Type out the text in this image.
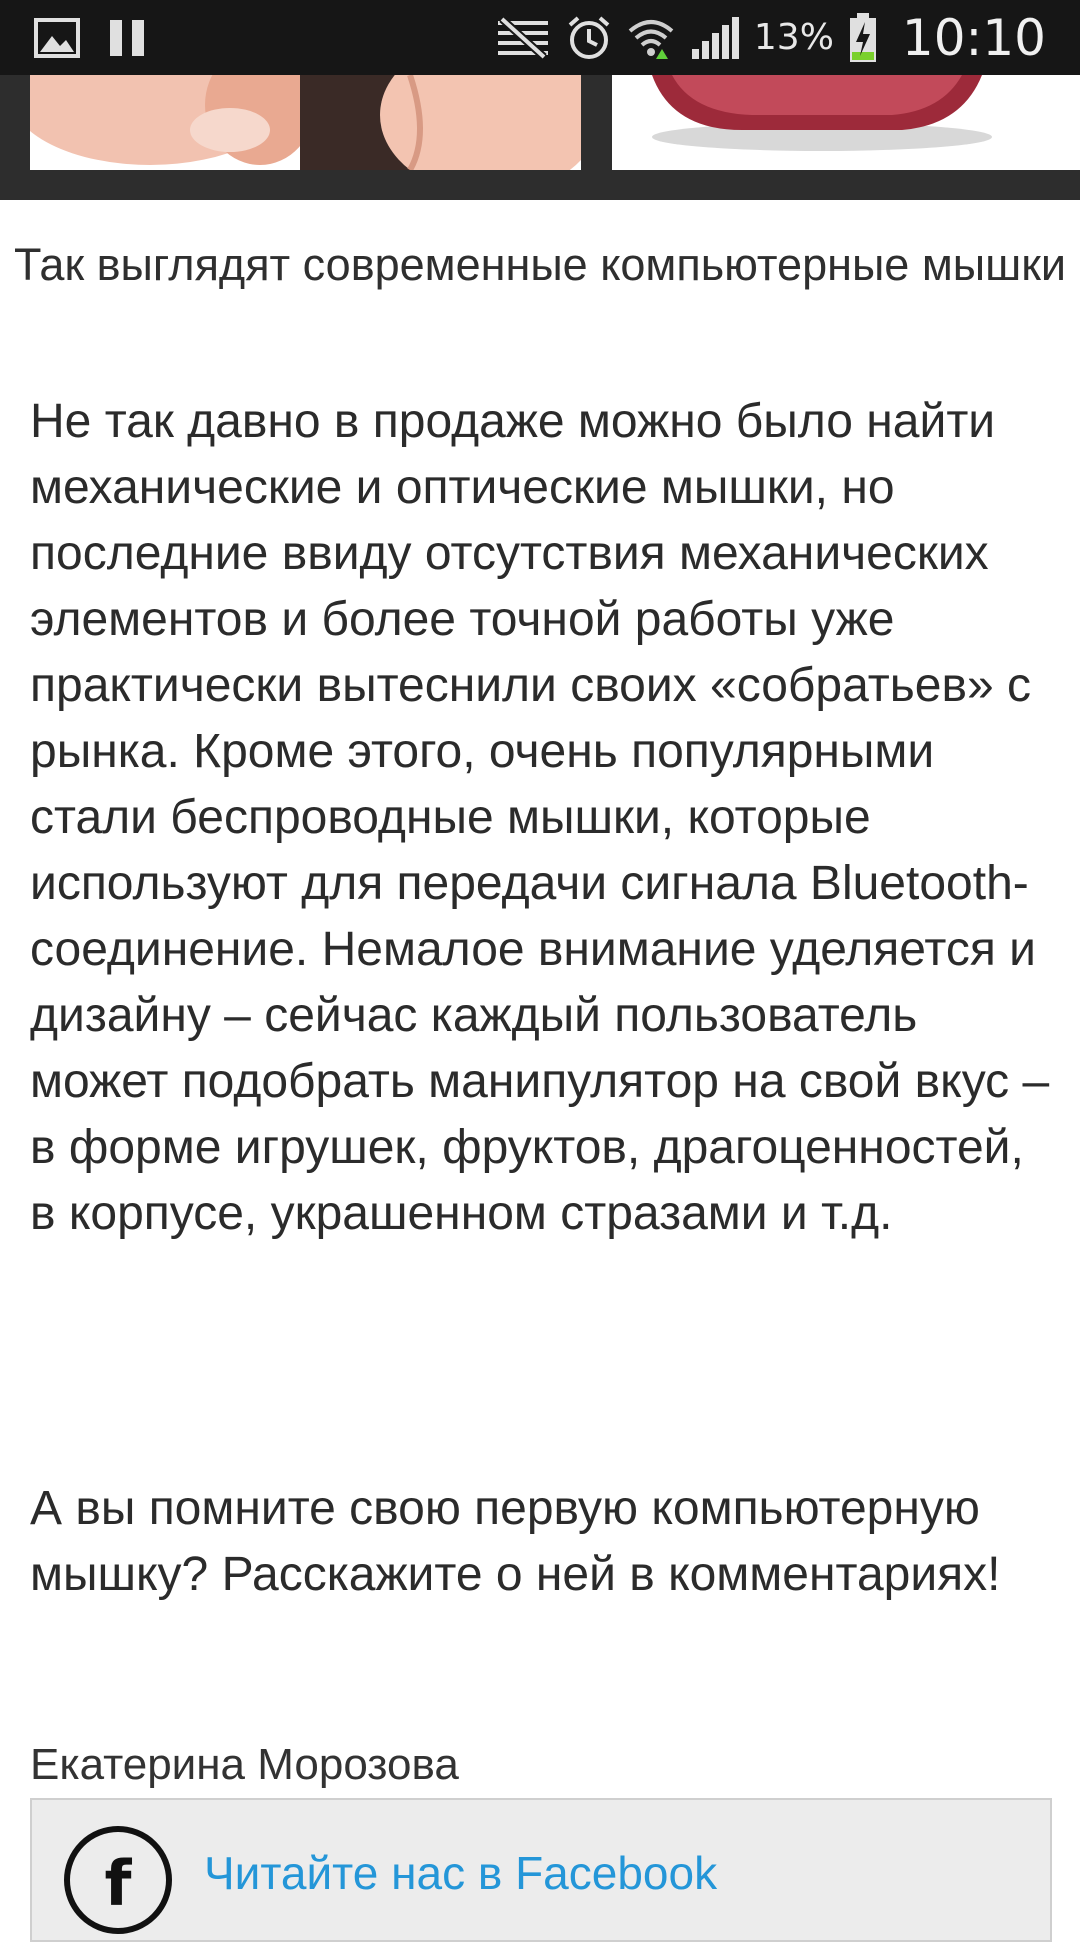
13% 10:10
Так выглядят современные компьютерные мышки

Не так давно в продаже можно было найти механические и оптические мышки, но последние ввиду отсутствия механических элементов и более точной работы уже практически вытеснили своих «собратьев» с рынка. Кроме этого, очень популярными стали беспроводные мышки, которые используют для передачи сигнала Bluetooth-соединение. Немалое внимание уделяется и дизайну – сейчас каждый пользователь может подобрать манипулятор на свой вкус – в форме игрушек, фруктов, драгоценностей, в корпусе, украшенном стразами и т.д.

А вы помните свою первую компьютерную мышку? Расскажите о ней в комментариях!

Екатерина Морозова
f Читайте нас в Facebook
